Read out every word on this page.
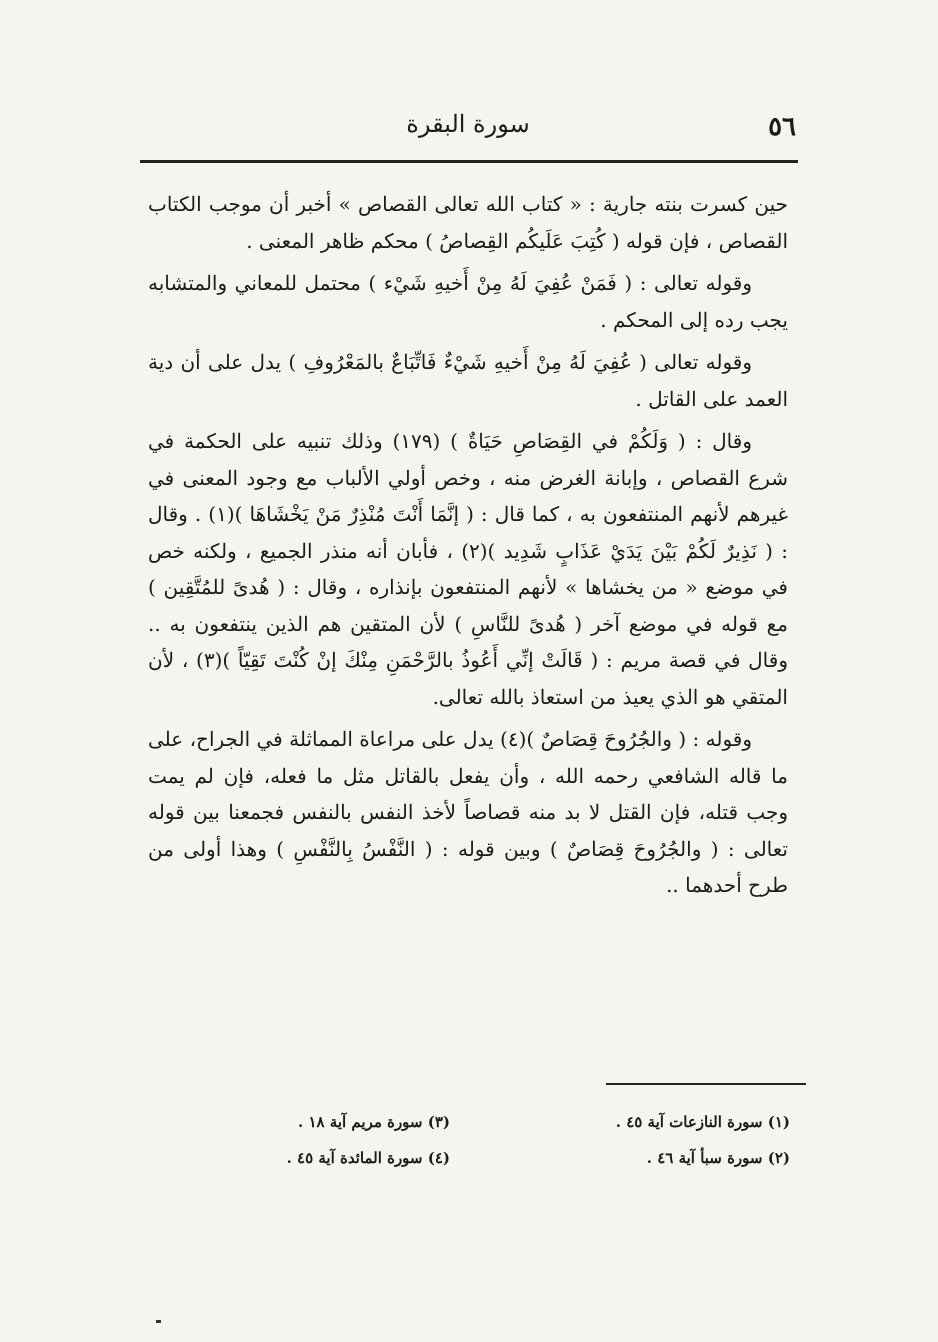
٥٦
سورة البقرة

حين كسرت بنته جارية : « كتاب الله تعالى القصاص » أخبر أن موجب الكتاب القصاص ، فإن قوله ( كُتِبَ عَلَيكُم القِصاصُ ) محكم ظاهر المعنى .

وقوله تعالى : ( فَمَنْ عُفِيَ لَهُ مِنْ أَخيهِ شَيْء ) محتمل للمعاني والمتشابه يجب رده إلى المحكم .

وقوله تعالى ( عُفِيَ لَهُ مِنْ أَخيهِ شَيْءٌ فَاتِّبَاعٌ بالمَعْرُوفِ ) يدل على أن دية العمد على القاتل .

وقال : ( وَلَكُمْ في القِصَاصِ حَيَاةٌ ) (١٧٩) وذلك تنبيه على الحكمة في شرع القصاص ، وإبانة الغرض منه ، وخص أولي الألباب مع وجود المعنى في غيرهم لأنهم المنتفعون به ، كما قال : ( إنَّمَا أَنْتَ مُنْذِرٌ مَنْ يَخْشَاهَا )(١) . وقال : ( نَذِيرٌ لَكُمْ بَيْنَ يَدَيْ عَذَابٍ شَدِيد )(٢) ، فأبان أنه منذر الجميع ، ولكنه خص في موضع « من يخشاها » لأنهم المنتفعون بإنذاره ، وقال : ( هُدىً للمُتَّقِين ) مع قوله في موضع آخر ( هُدىً للنَّاسِ ) لأن المتقين هم الذين ينتفعون به .. وقال في قصة مريم : ( قَالَتْ إنِّي أَعُوذُ بالرَّحْمَنِ مِنْكَ إنْ كُنْتَ تَقِيّاً )(٣) ، لأن المتقي هو الذي يعيذ من استعاذ بالله تعالى.

وقوله : ( والجُرُوحَ قِصَاصٌ )(٤) يدل على مراعاة المماثلة في الجراح، على ما قاله الشافعي رحمه الله ، وأن يفعل بالقاتل مثل ما فعله، فإن لم يمت وجب قتله، فإن القتل لا بد منه قصاصاً لأخذ النفس بالنفس فجمعنا بين قوله تعالى : ( والجُرُوحَ قِصَاصٌ ) وبين قوله : ( النَّفْسُ بِالنَّفْسِ ) وهذا أولى من طرح أحدهما ..

(١) سورة النازعات آية ٤٥ .
(٣) سورة مريم آية ١٨ .
(٢) سورة سبأ آية ٤٦ .
(٤) سورة المائدة آية ٤٥ .
